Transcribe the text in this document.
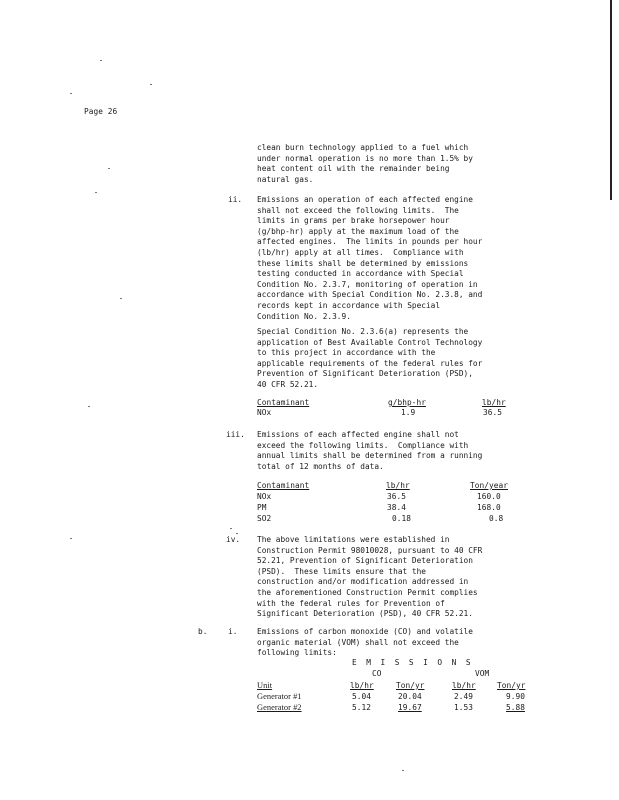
Page 26
clean burn technology applied to a fuel which
under normal operation is no more than 1.5% by
heat content oil with the remainder being
natural gas.
ii. Emissions an operation of each affected engine
shall not exceed the following limits.  The
limits in grams per brake horsepower hour
(g/bhp-hr) apply at the maximum load of the
affected engines.  The limits in pounds per hour
(lb/hr) apply at all times.  Compliance with
these limits shall be determined by emissions
testing conducted in accordance with Special
Condition No. 2.3.7, monitoring of operation in
accordance with Special Condition No. 2.3.8, and
records kept in accordance with Special
Condition No. 2.3.9.
Special Condition No. 2.3.6(a) represents the
application of Best Available Control Technology
to this project in accordance with the
applicable requirements of the federal rules for
Prevention of Significant Deterioration (PSD),
40 CFR 52.21.
Contaminant	g/bhp-hr	lb/hr
NOx	1.9	36.5
iii. Emissions of each affected engine shall not
exceed the following limits.  Compliance with
annual limits shall be determined from a running
total of 12 months of data.
Contaminant	lb/hr	Ton/year
NOx	36.5	160.0
PM	38.4	168.0
SO2	0.18	0.8
iv. The above limitations were established in
Construction Permit 98010028, pursuant to 40 CFR
52.21, Prevention of Significant Deterioration
(PSD).  These limits ensure that the
construction and/or modification addressed in
the aforementioned Construction Permit complies
with the federal rules for Prevention of
Significant Deterioration (PSD), 40 CFR 52.21.
b.	i.	Emissions of carbon monoxide (CO) and volatile
organic material (VOM) shall not exceed the
following limits:
E  M  I  S  S  I  O  N  S
CO	VOM
Unit	lb/hr	Ton/yr	lb/hr	Ton/yr
Generator #1	5.04	20.04	2.49	9.90
Generator #2	5.12	19.67	1.53	5.88
